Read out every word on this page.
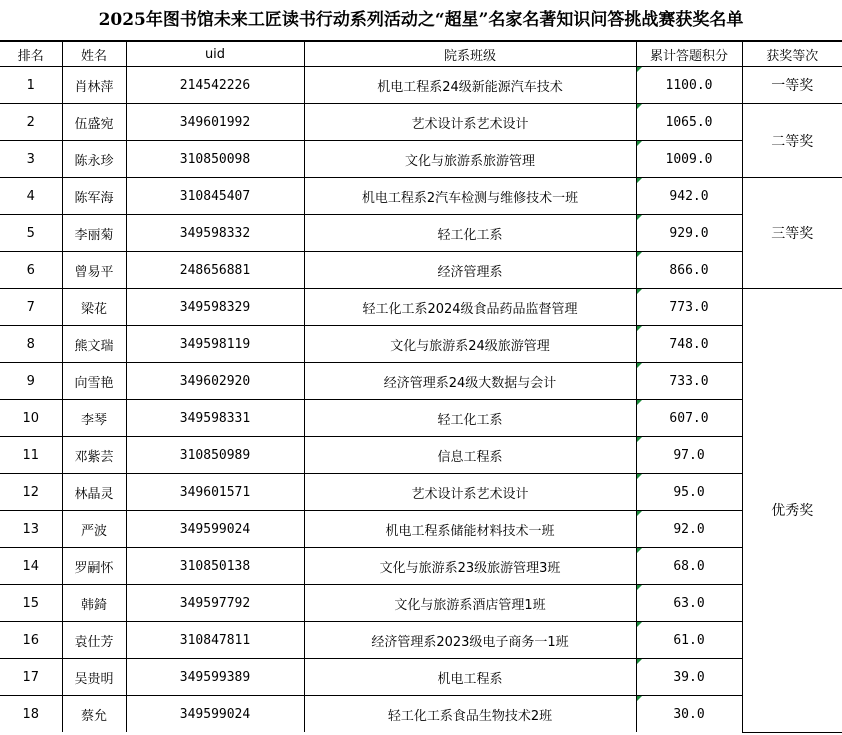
2025年图书馆未来工匠读书行动系列活动之“超星”名家名著知识问答挑战赛获奖名单
排名	姓名	uid	院系班级	累计答题积分	获奖等次
1	肖林萍	214542226	机电工程系24级新能源汽车技术	1100.0	一等奖
2	伍盛宛	349601992	艺术设计系艺术设计	1065.0	二等奖
3	陈永珍	310850098	文化与旅游系旅游管理	1009.0	
4	陈军海	310845407	机电工程系2汽车检测与维修技术一班	942.0	三等奖
5	李丽菊	349598332	轻工化工系	929.0	
6	曾易平	248656881	经济管理系	866.0	
7	梁花	349598329	轻工化工系2024级食品药品监督管理	773.0	优秀奖
8	熊文瑞	349598119	文化与旅游系24级旅游管理	748.0	
9	向雪艳	349602920	经济管理系24级大数据与会计	733.0	
10	李琴	349598331	轻工化工系	607.0	
11	邓紫芸	310850989	信息工程系	97.0	
12	林晶灵	349601571	艺术设计系艺术设计	95.0	
13	严波	349599024	机电工程系储能材料技术一班	92.0	
14	罗嗣怀	310850138	文化与旅游系23级旅游管理3班	68.0	
15	韩錡	349597792	文化与旅游系酒店管理1班	63.0	
16	袁仕芳	310847811	经济管理系2023级电子商务一1班	61.0	
17	吴贵明	349599389	机电工程系	39.0	
18	蔡允	349599024	轻工化工系食品生物技术2班	30.0	
